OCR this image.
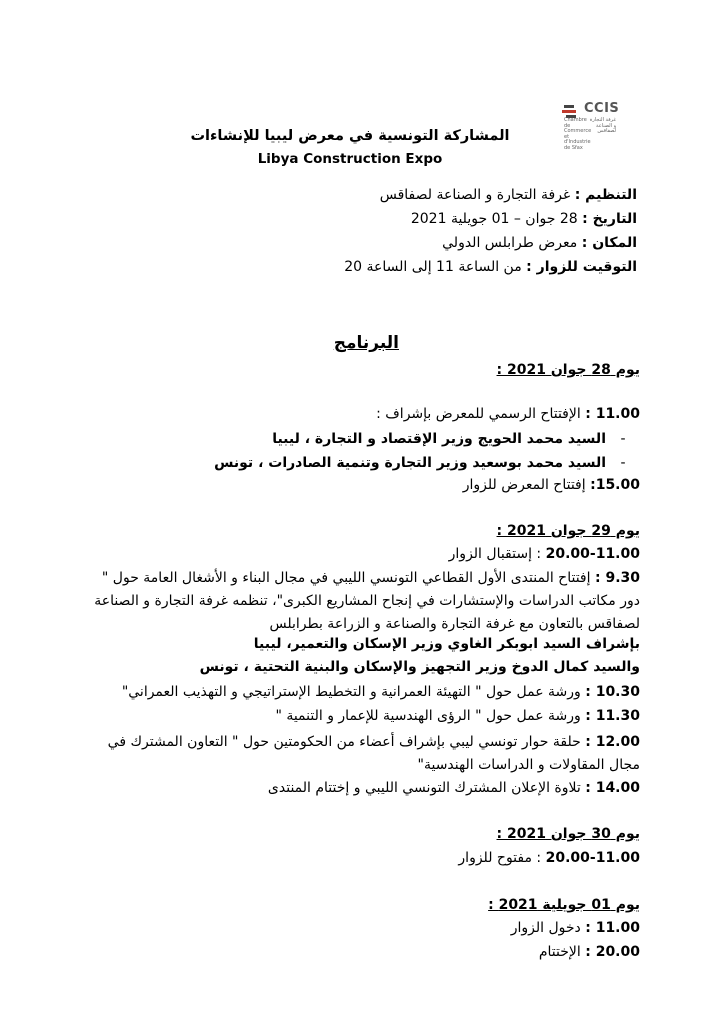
CCIS
Chambre de Commerce et d'Industrie de Sfax
غرفة التجارة و الصناعة لصفاقس
المشاركة التونسية في معرض ليبيا للإنشاءات
Libya Construction Expo
التنظيم : غرفة التجارة و الصناعة لصفاقس
التاريخ : 28 جوان – 01 جويلية 2021
المكان : معرض طرابلس الدولي
التوقيت للزوار : من الساعة 11 إلى الساعة 20
البرنامج
يوم 28 جوان 2021 :
11.00 : الإفتتاح الرسمي للمعرض بإشراف :
-السيد محمد الحويج وزير الإقتصاد و التجارة ، ليبيا
-السيد محمد بوسعيد وزير التجارة وتنمية الصادرات ، تونس
15.00: إفتتاح المعرض للزوار
يوم 29 جوان 2021 :
20.00-11.00 : إستقبال الزوار
9.30 : إفتتاح المنتدى الأول القطاعي التونسي الليبي في مجال البناء و الأشغال العامة حول " دور مكاتب الدراسات والإستشارات في إنجاح المشاريع الكبرى"، تنظمه غرفة التجارة و الصناعة لصفاقس بالتعاون مع غرفة التجارة والصناعة و الزراعة بطرابلس
بإشراف السيد ابوبكر الغاوي وزير الإسكان والتعمير، ليبيا
والسيد كمال الدوخ وزير التجهيز والإسكان والبنية التحتية ، تونس
10.30 : ورشة عمل حول " التهيئة العمرانية و التخطيط الإستراتيجي و التهذيب العمراني"
11.30 : ورشة عمل حول " الرؤى الهندسية للإعمار و التنمية "
12.00 : حلقة حوار تونسي ليبي بإشراف أعضاء من الحكومتين حول " التعاون المشترك في مجال المقاولات و الدراسات الهندسية"
14.00 : تلاوة الإعلان المشترك التونسي الليبي و إختتام المنتدى
يوم 30 جوان 2021 :
20.00-11.00 : مفتوح للزوار
يوم 01 جويلية 2021 :
11.00 : دخول الزوار
20.00 : الإختتام
